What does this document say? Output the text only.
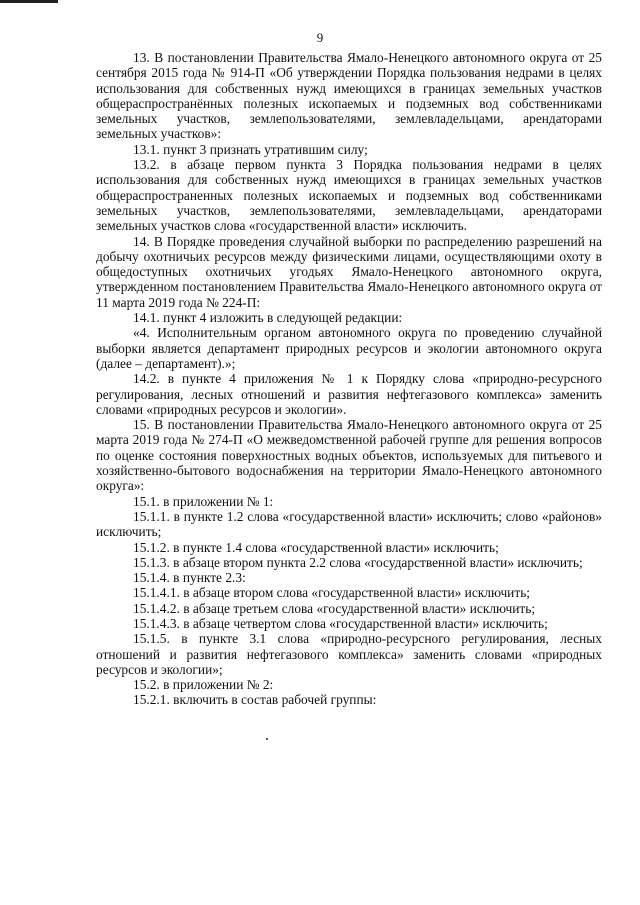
9

13. В постановлении Правительства Ямало-Ненецкого автономного округа от 25 сентября 2015 года № 914-П «Об утверждении Порядка пользования недрами в целях использования для собственных нужд имеющихся в границах земельных участков общераспространённых полезных ископаемых и подземных вод собственниками земельных участков, землепользователями, землевладельцами, арендаторами земельных участков»:

13.1. пункт 3 признать утратившим силу;

13.2. в абзаце первом пункта 3 Порядка пользования недрами в целях использования для собственных нужд имеющихся в границах земельных участков общераспространенных полезных ископаемых и подземных вод собственниками земельных участков, землепользователями, землевладельцами, арендаторами земельных участков слова «государственной власти» исключить.

14. В Порядке проведения случайной выборки по распределению разрешений на добычу охотничьих ресурсов между физическими лицами, осуществляющими охоту в общедоступных охотничьих угодьях Ямало-Ненецкого автономного округа, утвержденном постановлением Правительства Ямало-Ненецкого автономного округа от 11 марта 2019 года № 224-П:

14.1. пункт 4 изложить в следующей редакции:

«4. Исполнительным органом автономного округа по проведению случайной выборки является департамент природных ресурсов и экологии автономного округа (далее – департамент).»;

14.2. в пункте 4 приложения № 1 к Порядку слова «природно-ресурсного регулирования, лесных отношений и развития нефтегазового комплекса» заменить словами «природных ресурсов и экологии».

15. В постановлении Правительства Ямало-Ненецкого автономного округа от 25 марта 2019 года № 274-П «О межведомственной рабочей группе для решения вопросов по оценке состояния поверхностных водных объектов, используемых для питьевого и хозяйственно-бытового водоснабжения на территории Ямало-Ненецкого автономного округа»:

15.1. в приложении № 1:

15.1.1. в пункте 1.2 слова «государственной власти» исключить; слово «районов» исключить;

15.1.2. в пункте 1.4 слова «государственной власти» исключить;

15.1.3. в абзаце втором пункта 2.2 слова «государственной власти» исключить;

15.1.4. в пункте 2.3:

15.1.4.1. в абзаце втором слова «государственной власти» исключить;

15.1.4.2. в абзаце третьем слова «государственной власти» исключить;

15.1.4.3. в абзаце четвертом слова «государственной власти» исключить;

15.1.5. в пункте 3.1 слова «природно-ресурсного регулирования, лесных отношений и развития нефтегазового комплекса» заменить словами «природных ресурсов и экологии»;

15.2. в приложении № 2:

15.2.1. включить в состав рабочей группы:
